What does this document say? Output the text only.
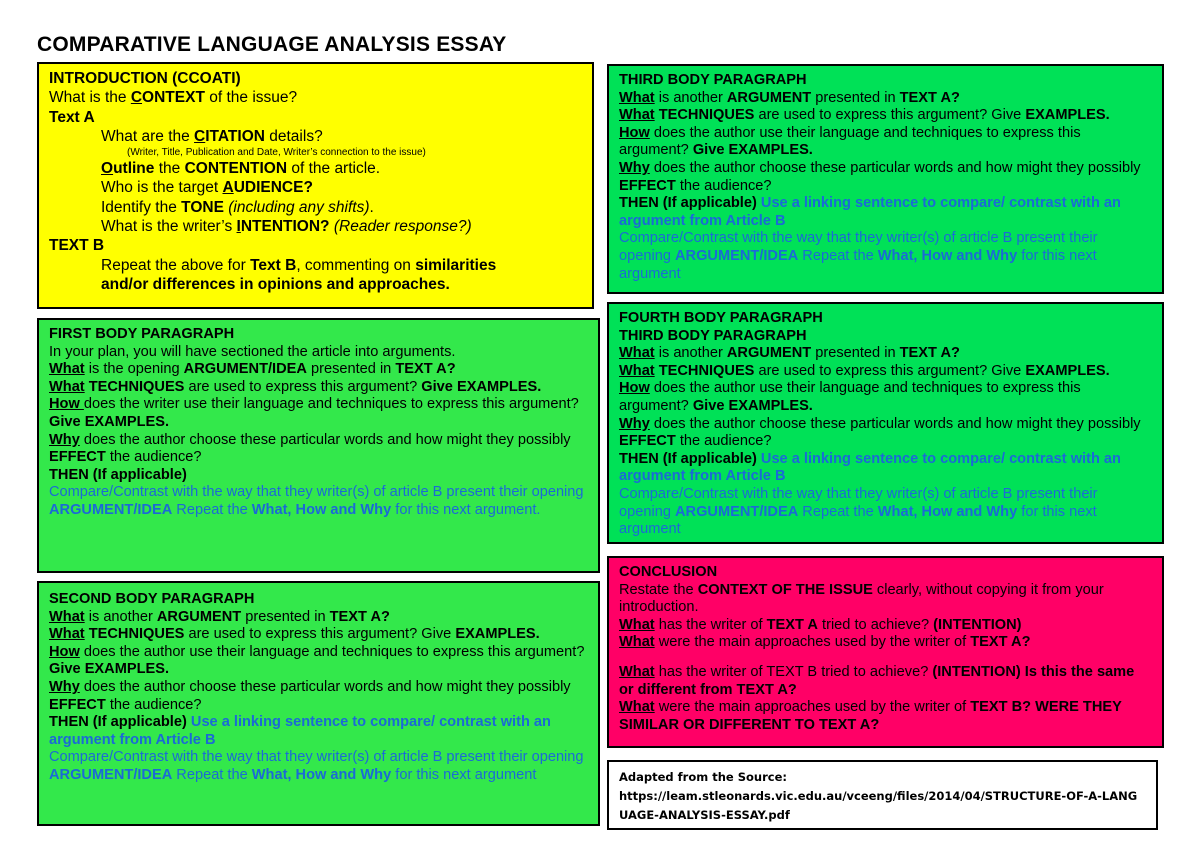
COMPARATIVE LANGUAGE ANALYSIS ESSAY
INTRODUCTION (CCOATI)
What is the CONTEXT of the issue?
Text A
What are the CITATION details?
(Writer, Title, Publication and Date, Writer’s connection to the issue)
Outline the CONTENTION of the article.
Who is the target AUDIENCE?
Identify the TONE (including any shifts).
What is the writer’s INTENTION? (Reader response?)
TEXT B
Repeat the above for Text B, commenting on similarities
and/or differences in opinions and approaches.
FIRST BODY PARAGRAPH
In your plan, you will have sectioned the article into arguments.
What is the opening ARGUMENT/IDEA presented in TEXT A?
What TECHNIQUES are used to express this argument? Give EXAMPLES.
How does the writer use their language and techniques to express this argument? Give EXAMPLES.
Why does the author choose these particular words and how might they possibly EFFECT the audience?
THEN (If applicable)
Compare/Contrast with the way that they writer(s) of article B present their opening ARGUMENT/IDEA Repeat the What, How and Why for this next argument.
SECOND BODY PARAGRAPH
What is another ARGUMENT presented in TEXT A?
What TECHNIQUES are used to express this argument? Give EXAMPLES.
How does the author use their language and techniques to express this argument? Give EXAMPLES.
Why does the author choose these particular words and how might they possibly EFFECT the audience?
THEN (If applicable) Use a linking sentence to compare/ contrast with an argument from Article B
Compare/Contrast with the way that they writer(s) of article B present their opening ARGUMENT/IDEA Repeat the What, How and Why for this next argument
THIRD BODY PARAGRAPH
What is another ARGUMENT presented in TEXT A?
What TECHNIQUES are used to express this argument? Give EXAMPLES.
How does the author use their language and techniques to express this argument? Give EXAMPLES.
Why does the author choose these particular words and how might they possibly EFFECT the audience?
THEN (If applicable) Use a linking sentence to compare/ contrast with an argument from Article B
Compare/Contrast with the way that they writer(s) of article B present their opening ARGUMENT/IDEA Repeat the What, How and Why for this next argument
FOURTH BODY PARAGRAPH
THIRD BODY PARAGRAPH
What is another ARGUMENT presented in TEXT A?
What TECHNIQUES are used to express this argument? Give EXAMPLES.
How does the author use their language and techniques to express this argument? Give EXAMPLES.
Why does the author choose these particular words and how might they possibly EFFECT the audience?
THEN (If applicable) Use a linking sentence to compare/ contrast with an argument from Article B
Compare/Contrast with the way that they writer(s) of article B present their opening ARGUMENT/IDEA Repeat the What, How and Why for this next argument
CONCLUSION
Restate the CONTEXT OF THE ISSUE clearly, without copying it from your introduction.
What has the writer of TEXT A tried to achieve? (INTENTION)
What were the main approaches used by the writer of TEXT A?
What has the writer of TEXT B tried to achieve? (INTENTION) Is this the same or different from TEXT A?
What were the main approaches used by the writer of TEXT B? WERE THEY SIMILAR OR DIFFERENT TO TEXT A?
Adapted from the Source:
https://leam.stleonards.vic.edu.au/vceeng/files/2014/04/STRUCTURE-OF-A-LANGUAGE-ANALYSIS-ESSAY.pdf
